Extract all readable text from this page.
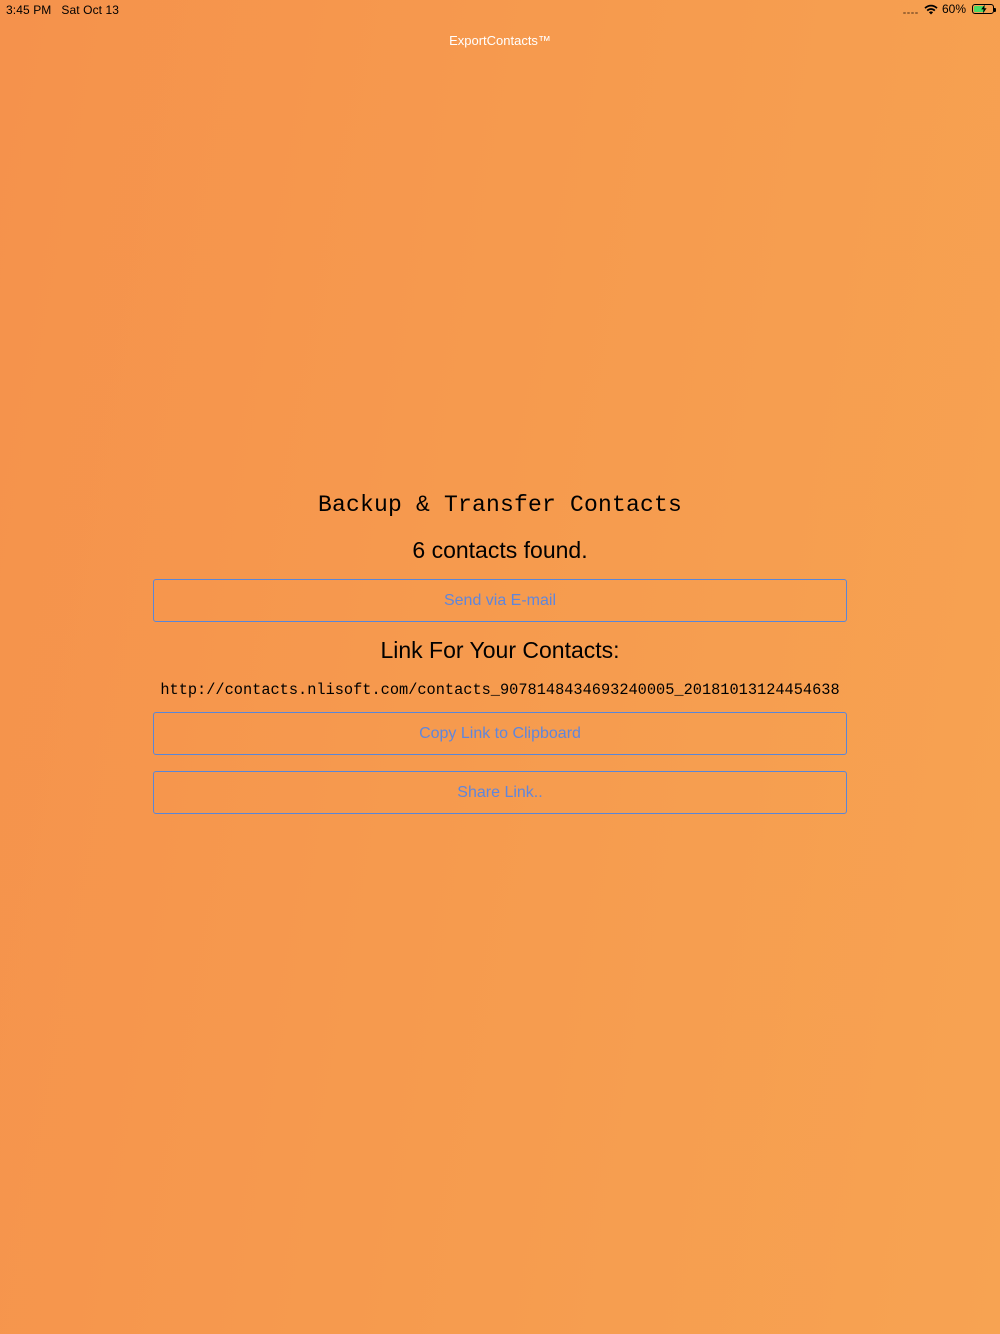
3:45 PM Sat Oct 13	60%
ExportContacts™
Backup & Transfer Contacts
6 contacts found.
Send via E-mail
Link For Your Contacts:
http://contacts.nlisoft.com/contacts_9078148434693240005_20181013124454638
Copy Link to Clipboard
Share Link..
